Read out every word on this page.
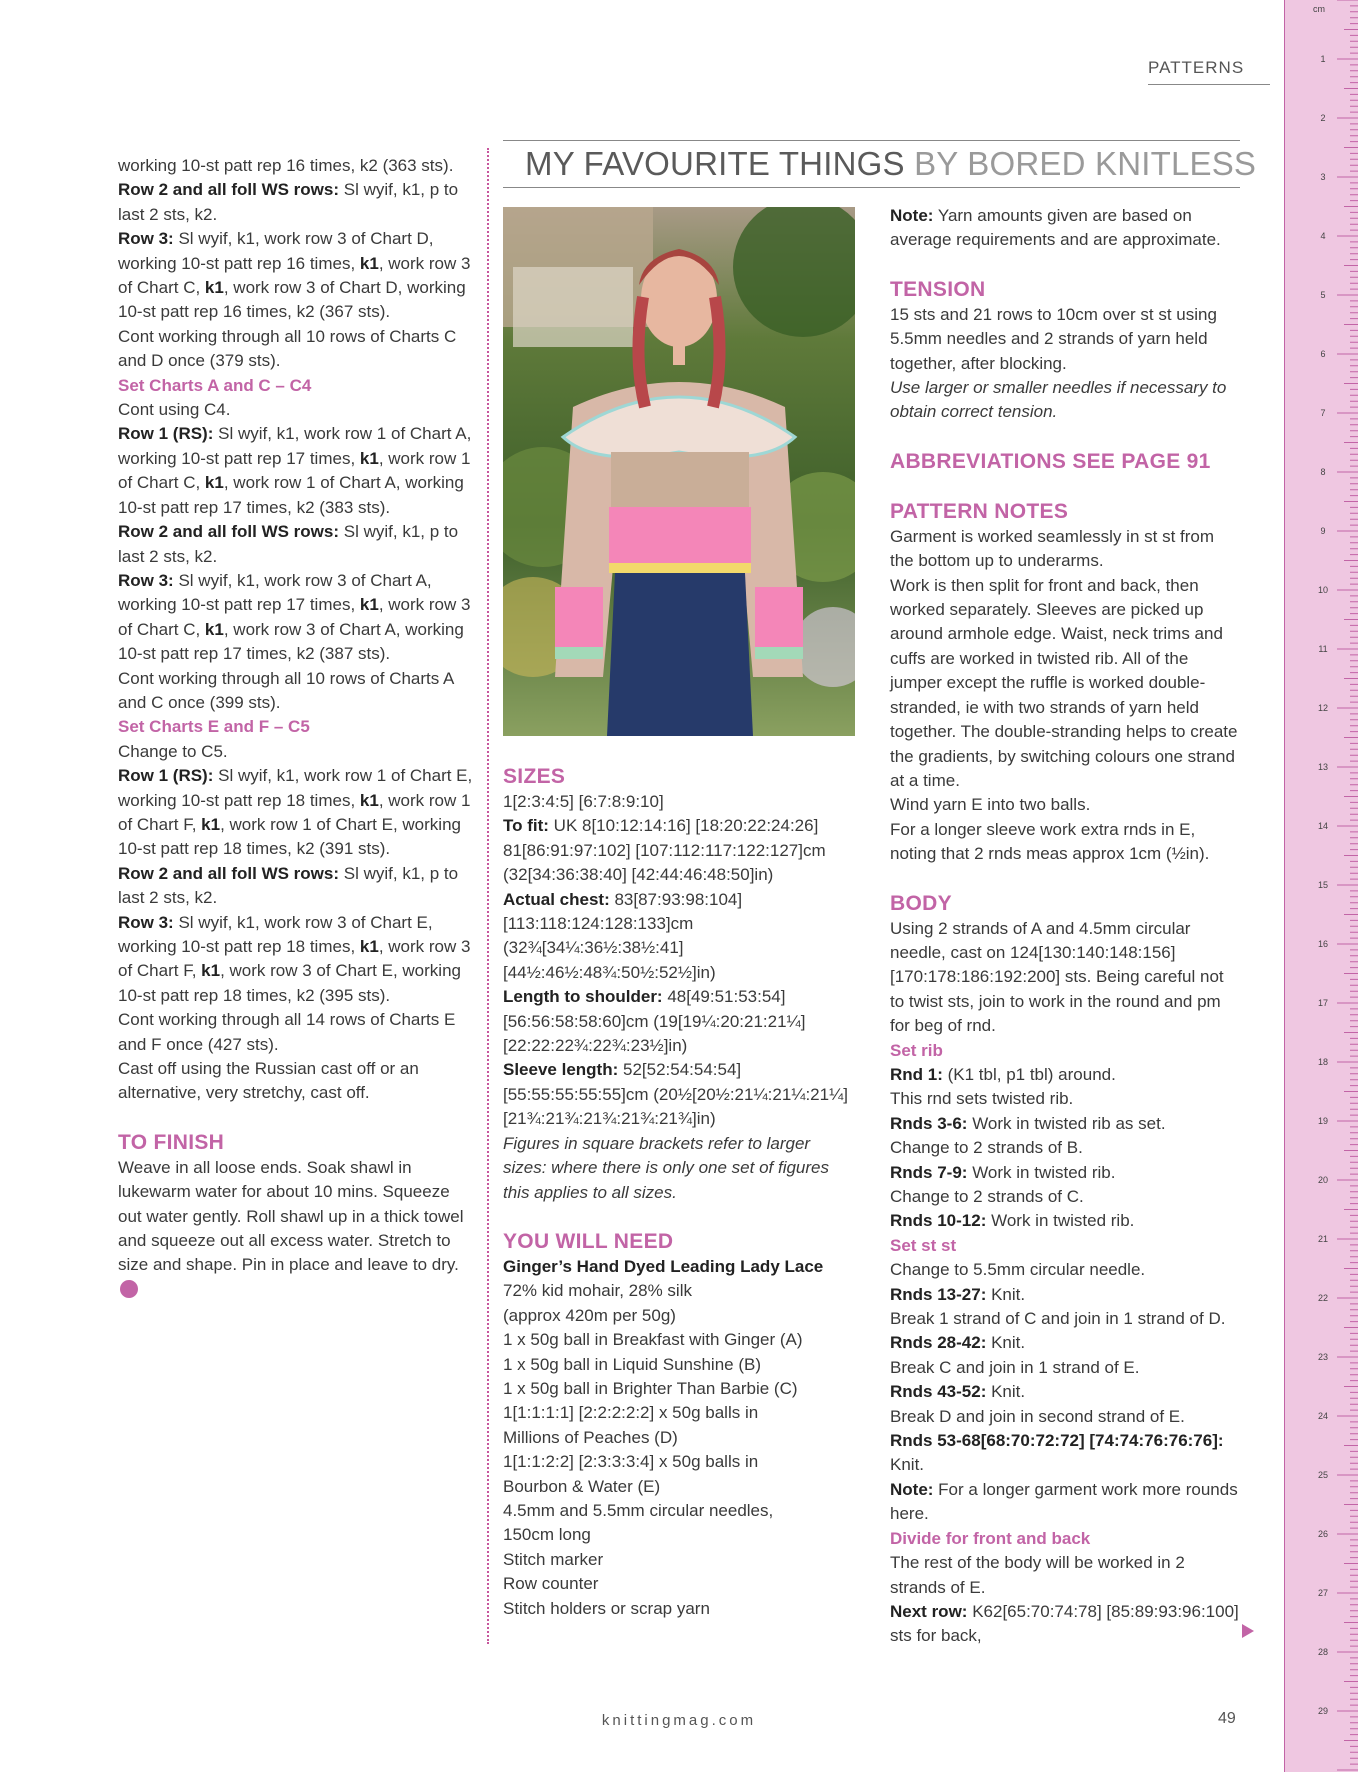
PATTERNS
MY FAVOURITE THINGS BY BORED KNITLESS

working 10-st patt rep 16 times, k2 (363 sts).

Row 2 and all foll WS rows: Sl wyif, k1, p to last 2 sts, k2.

Row 3: Sl wyif, k1, work row 3 of Chart D, working 10-st patt rep 16 times, k1, work row 3 of Chart C, k1, work row 3 of Chart D, working 10-st patt rep 16 times, k2 (367 sts).

Cont working through all 10 rows of Charts C and D once (379 sts).

Set Charts A and C – C4

Cont using C4.

Row 1 (RS): Sl wyif, k1, work row 1 of Chart A, working 10-st patt rep 17 times, k1, work row 1 of Chart C, k1, work row 1 of Chart A, working 10-st patt rep 17 times, k2 (383 sts).

Row 2 and all foll WS rows: Sl wyif, k1, p to last 2 sts, k2.

Row 3: Sl wyif, k1, work row 3 of Chart A, working 10-st patt rep 17 times, k1, work row 3 of Chart C, k1, work row 3 of Chart A, working 10-st patt rep 17 times, k2 (387 sts).

Cont working through all 10 rows of Charts A and C once (399 sts).

Set Charts E and F – C5

Change to C5.

Row 1 (RS): Sl wyif, k1, work row 1 of Chart E, working 10-st patt rep 18 times, k1, work row 1 of Chart F, k1, work row 1 of Chart E, working 10-st patt rep 18 times, k2 (391 sts).

Row 2 and all foll WS rows: Sl wyif, k1, p to last 2 sts, k2.

Row 3: Sl wyif, k1, work row 3 of Chart E, working 10-st patt rep 18 times, k1, work row 3 of Chart F, k1, work row 3 of Chart E, working 10-st patt rep 18 times, k2 (395 sts).

Cont working through all 14 rows of Charts E and F once (427 sts).

Cast off using the Russian cast off or an alternative, very stretchy, cast off.

TO FINISH

Weave in all loose ends. Soak shawl in lukewarm water for about 10 mins. Squeeze out water gently. Roll shawl up in a thick towel and squeeze out all excess water. Stretch to size and shape. Pin in place and leave to dry.

SIZES

1[2:3:4:5] [6:7:8:9:10]

To fit: UK 8[10:12:14:16] [18:20:22:24:26] 81[86:91:97:102] [107:112:117:122:127]cm (32[34:36:38:40] [42:44:46:48:50]in)

Actual chest: 83[87:93:98:104] [113:118:124:128:133]cm (32¾[34¼:36½:38½:41] [44½:46½:48¾:50½:52½]in)

Length to shoulder: 48[49:51:53:54] [56:56:58:58:60]cm (19[19¼:20:21:21¼] [22:22:22¾:22¾:23½]in)

Sleeve length: 52[52:54:54:54] [55:55:55:55:55]cm (20½[20½:21¼:21¼:21¼] [21¾:21¾:21¾:21¾:21¾]in)

Figures in square brackets refer to larger sizes: where there is only one set of figures this applies to all sizes.

YOU WILL NEED

Ginger’s Hand Dyed Leading Lady Lace

72% kid mohair, 28% silk

(approx 420m per 50g)

1 x 50g ball in Breakfast with Ginger (A)

1 x 50g ball in Liquid Sunshine (B)

1 x 50g ball in Brighter Than Barbie (C)

1[1:1:1:1] [2:2:2:2:2] x 50g balls in

Millions of Peaches (D)

1[1:1:2:2] [2:3:3:3:4] x 50g balls in

Bourbon & Water (E)

4.5mm and 5.5mm circular needles,

150cm long

Stitch marker

Row counter

Stitch holders or scrap yarn

Note: Yarn amounts given are based on average requirements and are approximate.

TENSION

15 sts and 21 rows to 10cm over st st using 5.5mm needles and 2 strands of yarn held together, after blocking.

Use larger or smaller needles if necessary to obtain correct tension.

ABBREVIATIONS SEE PAGE 91

PATTERN NOTES

Garment is worked seamlessly in st st from the bottom up to underarms.

Work is then split for front and back, then worked separately. Sleeves are picked up around armhole edge. Waist, neck trims and cuffs are worked in twisted rib. All of the jumper except the ruffle is worked double-stranded, ie with two strands of yarn held together. The double-stranding helps to create the gradients, by switching colours one strand at a time.

Wind yarn E into two balls.

For a longer sleeve work extra rnds in E, noting that 2 rnds meas approx 1cm (½in).

BODY

Using 2 strands of A and 4.5mm circular needle, cast on 124[130:140:148:156] [170:178:186:192:200] sts. Being careful not to twist sts, join to work in the round and pm for beg of rnd.

Set rib

Rnd 1: (K1 tbl, p1 tbl) around.

This rnd sets twisted rib.

Rnds 3-6: Work in twisted rib as set.

Change to 2 strands of B.

Rnds 7-9: Work in twisted rib.

Change to 2 strands of C.

Rnds 10-12: Work in twisted rib.

Set st st

Change to 5.5mm circular needle.

Rnds 13-27: Knit.

Break 1 strand of C and join in 1 strand of D.

Rnds 28-42: Knit.

Break C and join in 1 strand of E.

Rnds 43-52: Knit.

Break D and join in second strand of E.

Rnds 53-68[68:70:72:72] [74:74:76:76:76]: Knit.

Note: For a longer garment work more rounds here.

Divide for front and back

The rest of the body will be worked in 2 strands of E.

Next row: K62[65:70:74:78] [85:89:93:96:100] sts for back,

knittingmag.com	49
cm
1
2
3
4
5
6
7
8
9
10
11
12
13
14
15
16
17
18
19
20
21
22
23
24
25
26
27
28
29
